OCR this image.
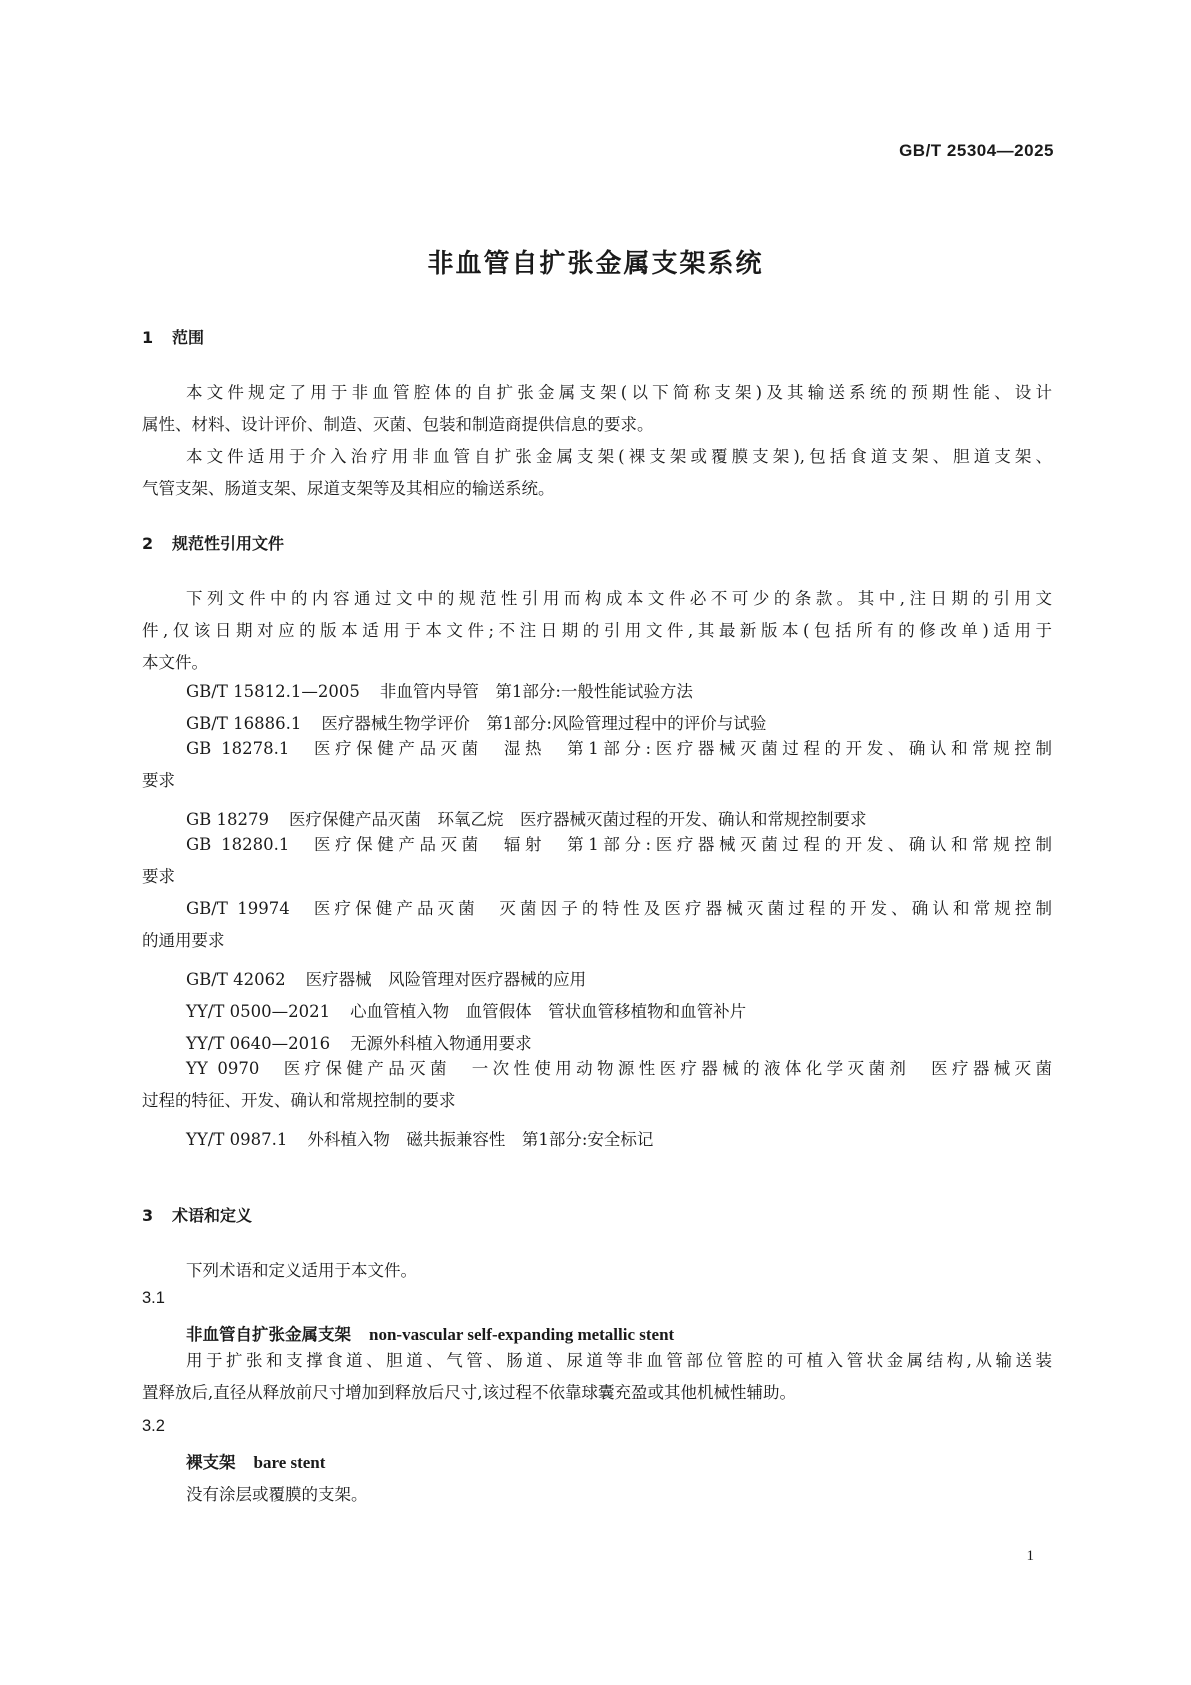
GB/T 25304—2025
非血管自扩张金属支架系统
1 范围
本文件规定了用于非血管腔体的自扩张金属支架(以下简称支架)及其输送系统的预期性能、设计
属性、材料、设计评价、制造、灭菌、包装和制造商提供信息的要求。
本文件适用于介入治疗用非血管自扩张金属支架(裸支架或覆膜支架),包括食道支架、胆道支架、
气管支架、肠道支架、尿道支架等及其相应的输送系统。
2 规范性引用文件
下列文件中的内容通过文中的规范性引用而构成本文件必不可少的条款。其中,注日期的引用文
件,仅该日期对应的版本适用于本文件;不注日期的引用文件,其最新版本(包括所有的修改单)适用于
本文件。
GB/T 15812.1—2005 非血管内导管　第1部分:一般性能试验方法
GB/T 16886.1 医疗器械生物学评价　第1部分:风险管理过程中的评价与试验
GB 18278.1 医疗保健产品灭菌　湿热　第1部分:医疗器械灭菌过程的开发、确认和常规控制
要求
GB 18279 医疗保健产品灭菌　环氧乙烷　医疗器械灭菌过程的开发、确认和常规控制要求
GB 18280.1 医疗保健产品灭菌　辐射　第1部分:医疗器械灭菌过程的开发、确认和常规控制
要求
GB/T 19974 医疗保健产品灭菌　灭菌因子的特性及医疗器械灭菌过程的开发、确认和常规控制
的通用要求
GB/T 42062 医疗器械　风险管理对医疗器械的应用
YY/T 0500—2021 心血管植入物　血管假体　管状血管移植物和血管补片
YY/T 0640—2016 无源外科植入物通用要求
YY 0970 医疗保健产品灭菌　一次性使用动物源性医疗器械的液体化学灭菌剂　医疗器械灭菌
过程的特征、开发、确认和常规控制的要求
YY/T 0987.1 外科植入物　磁共振兼容性　第1部分:安全标记
3 术语和定义
下列术语和定义适用于本文件。
3.1
非血管自扩张金属支架 non-vascular self-expanding metallic stent
用于扩张和支撑食道、胆道、气管、肠道、尿道等非血管部位管腔的可植入管状金属结构,从输送装
置释放后,直径从释放前尺寸增加到释放后尺寸,该过程不依靠球囊充盈或其他机械性辅助。
3.2
裸支架 bare stent
没有涂层或覆膜的支架。
1
